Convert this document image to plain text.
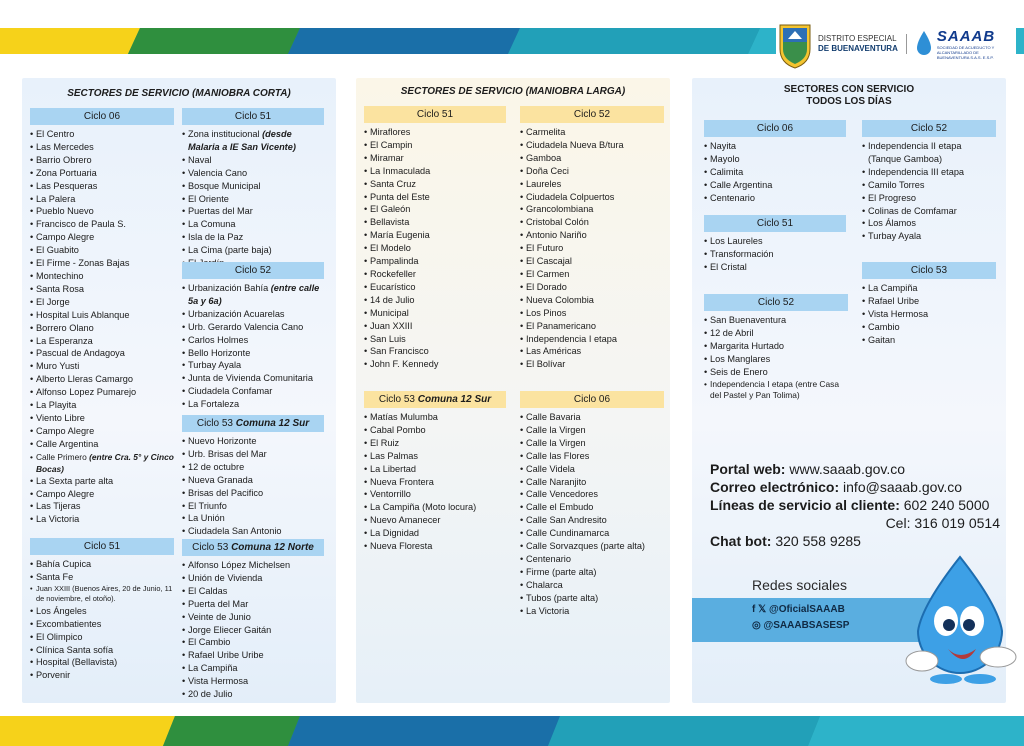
DISTRITO ESPECIAL
DE BUENAVENTURA
SAAAB
SOCIEDAD DE ACUEDUCTO Y ALCANTARILLADO DE BUENAVENTURA S.A.S. E.S.P.
SECTORES DE SERVICIO (MANIOBRA CORTA)
Ciclo 06
• El Centro
• Las Mercedes
• Barrio Obrero
• Zona Portuaria
• Las Pesqueras
• La Palera
• Pueblo Nuevo
• Francisco de Paula S.
• Campo Alegre
• El Guabito
• El Firme - Zonas Bajas
• Montechino
• Santa Rosa
• El Jorge
• Hospital Luis Ablanque
• Borrero Olano
• La Esperanza
• Pascual de Andagoya
• Muro Yusti
• Alberto Lleras Camargo
• Alfonso Lopez Pumarejo
• La Playita
• Viento Libre
• Campo Alegre
• Calle Argentina
• Calle Primero (entre Cra. 5° y Cinco Bocas)
• La Sexta parte alta
• Campo Alegre
• Las Tijeras
• La Victoria
Ciclo 51
• Zona institucional (desde Malaria a IE San Vicente)
• Naval
• Valencia Cano
• Bosque Municipal
• El Oriente
• Puertas del Mar
• La Comuna
• Isla de la Paz
• La Cima (parte baja)
•
Ciclo 52
• Urbanización Bahía (entre calle 5a y 6a)
• Urbanización Acuarelas
• Urb. Gerardo Valencia Cano
• Carlos Holmes
• Bello Horizonte
• Turbay Ayala
• Junta de Vivienda Comunitaria
• Ciudadela Confamar
• La Fortaleza
Ciclo 53 Comuna 12 Sur
• Nuevo Horizonte
• Urb. Brisas del Mar
• 12 de octubre
• Nueva Granada
• Brisas del Pacifico
• El Triunfo
• La Unión
• Ciudadela San Antonio
Ciclo 51
• Bahía Cupica
• Santa Fe
• Juan XXIII (Buenos Aires, 20 de Junio, 11 de noviembre, el otoño).
• Los Ángeles
• Excombatientes
• El Olimpico
• Clínica Santa sofía
• Hospital (Bellavista)
• Porvenir
Ciclo 53 Comuna 12 Norte
• Alfonso López Michelsen
• Unión de Vivienda
• El Caldas
• Puerta del Mar
• Veinte de Junio
• Jorge Eliecer Gaitán
• El Cambio
• Rafael Uribe Uribe
• La Campiña
• Vista Hermosa
• 20 de Julio
SECTORES DE SERVICIO (MANIOBRA LARGA)
Ciclo 51
• Miraflores
• El Campin
• Miramar
• La Inmaculada
• Santa Cruz
• Punta del Este
• El Galeón
• Bellavista
• María Eugenia
• El Modelo
• Pampalinda
• Rockefeller
• Eucarístico
• 14 de Julio
• Municipal
• Juan XXIII
• San Luis
• San Francisco
• John F. Kennedy
Ciclo 52
• Carmelita
• Ciudadela Nueva B/tura
• Gamboa
• Doña Ceci
• Laureles
• Ciudadela Colpuertos
• Grancolombiana
• Cristobal Colón
• Antonio Nariño
• El Futuro
• El Cascajal
• El Carmen
• El Dorado
• Nueva Colombia
• Los Pinos
• El Panamericano
• Independencia I etapa
• Las Américas
• El Bolívar
Ciclo 53 Comuna 12 Sur
• Matías Mulumba
• Cabal Pombo
• El Ruiz
• Las Palmas
• La Libertad
• Nueva Frontera
• Ventorrillo
• La Campiña (Moto locura)
• Nuevo Amanecer
• La Dignidad
• Nueva Floresta
Ciclo 06
• Calle Bavaria
• Calle la Virgen
• Calle la Virgen
• Calle las Flores
• Calle Videla
• Calle Naranjito
• Calle Vencedores
• Calle el Embudo
• Calle San Andresito
• Calle Cundinamarca
• Calle Sorvazques (parte alta)
• Centenario
• Firme (parte alta)
• Chalarca
• Tubos (parte alta)
• La Victoria
SECTORES CON SERVICIO
TODOS LOS DÍAS
Ciclo 06
• Nayita
• Mayolo
• Calimita
• Calle Argentina
• Centenario
Ciclo 51
• Los Laureles
• Transformación
• El Cristal
Ciclo 52
• San Buenaventura
• 12 de Abril
• Margarita Hurtado
• Los Manglares
• Seis de Enero
• Independencia I etapa (entre Casa del Pastel y Pan Tolima)
Ciclo 52
• Independencia II etapa (Tanque Gamboa)
• Independencia III etapa
• Camilo Torres
• El Progreso
• Colinas de Comfamar
• Los Álamos
• Turbay Ayala
Ciclo 53
• La Campiña
• Rafael Uribe
• Vista Hermosa
• Cambio
• Gaitan
Portal web: www.saaab.gov.co
Correo electrónico: info@saaab.gov.co
Líneas de servicio al cliente: 602 240 5000
Cel: 316 019 0514
Chat bot: 320 558 9285
Redes sociales
f 𝕏 @OficialSAAAB
◎ @SAAABSASESP
